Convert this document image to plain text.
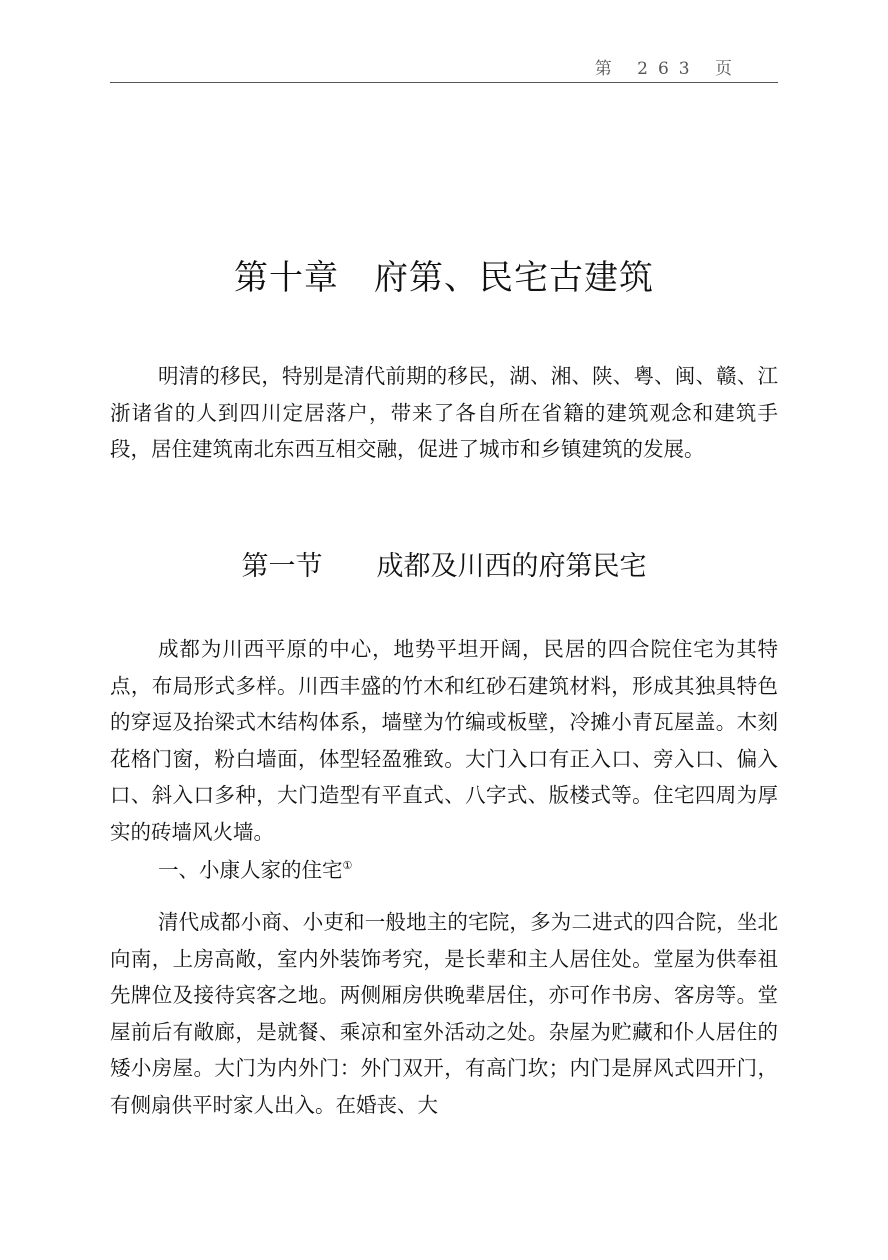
第 263 页
第十章　府第、民宅古建筑

明清的移民，特别是清代前期的移民，湖、湘、陕、粤、闽、赣、江浙诸省的人到四川定居落户，带来了各自所在省籍的建筑观念和建筑手段，居住建筑南北东西互相交融，促进了城市和乡镇建筑的发展。

第一节　　成都及川西的府第民宅

成都为川西平原的中心，地势平坦开阔，民居的四合院住宅为其特点，布局形式多样。川西丰盛的竹木和红砂石建筑材料，形成其独具特色的穿逗及抬梁式木结构体系，墙壁为竹编或板壁，冷摊小青瓦屋盖。木刻花格门窗，粉白墙面，体型轻盈雅致。大门入口有正入口、旁入口、偏入口、斜入口多种，大门造型有平直式、八字式、版楼式等。住宅四周为厚实的砖墙风火墙。

一、小康人家的住宅①

清代成都小商、小吏和一般地主的宅院，多为二进式的四合院，坐北向南，上房高敞，室内外装饰考究，是长辈和主人居住处。堂屋为供奉祖先牌位及接待宾客之地。两侧厢房供晚辈居住，亦可作书房、客房等。堂屋前后有敞廊，是就餐、乘凉和室外活动之处。杂屋为贮藏和仆人居住的矮小房屋。大门为内外门：外门双开，有高门坎；内门是屏风式四开门，有侧扇供平时家人出入。在婚丧、大
